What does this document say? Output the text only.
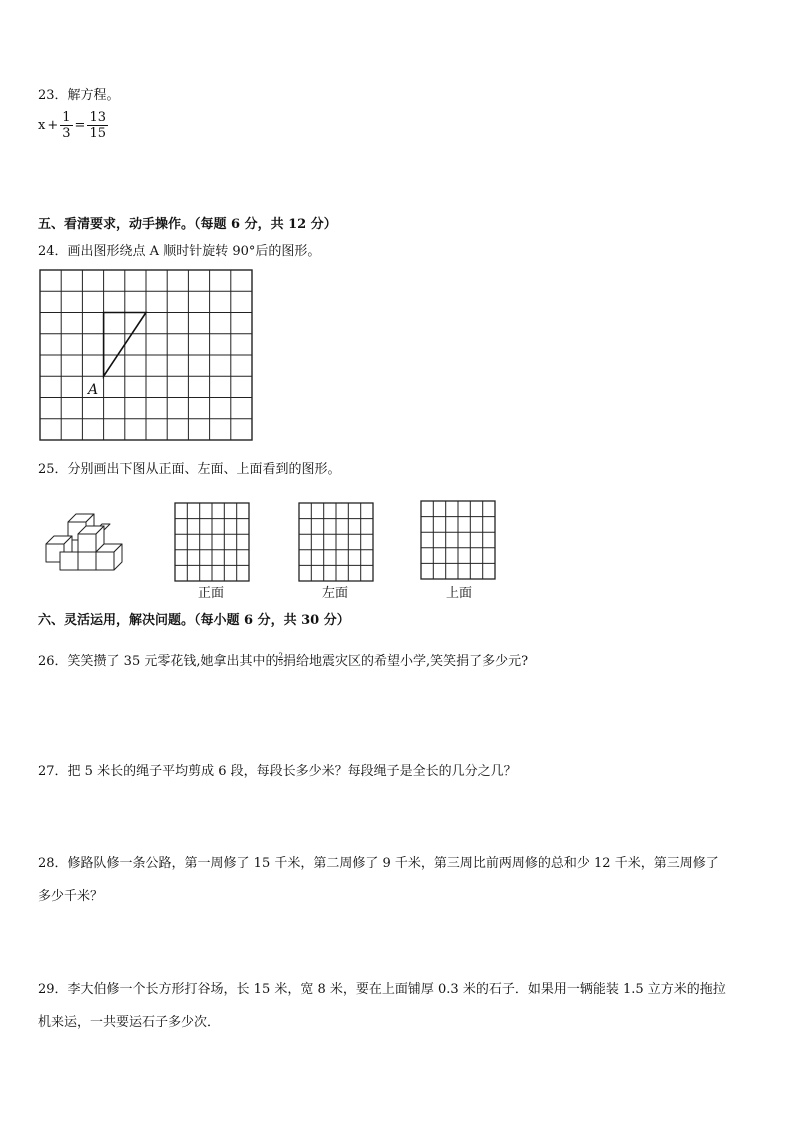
23．解方程。
$x + \frac{1}{3} = \frac{13}{15}$
五、看清要求，动手操作。（每题 6 分，共 12 分）
24．画出图形绕点 A 顺时针旋转 90°后的图形。
A
25．分别画出下图从正面、左面、上面看到的图形。
正面	左面	上面
六、灵活运用，解决问题。（每小题 6 分，共 30 分）
26．笑笑攒了 35 元零花钱,她拿出其中的 $\frac{2}{5}$ 捐给地震灾区的希望小学,笑笑捐了多少元?
27．把 5 米长的绳子平均剪成 6 段，每段长多少米？每段绳子是全长的几分之几？
28．修路队修一条公路，第一周修了 15 千米，第二周修了 9 千米，第三周比前两周修的总和少 12 千米，第三周修了
多少千米？
29．李大伯修一个长方形打谷场，长 15 米，宽 8 米，要在上面铺厚 0.3 米的石子．如果用一辆能装 1.5 立方米的拖拉
机来运，一共要运石子多少次．
